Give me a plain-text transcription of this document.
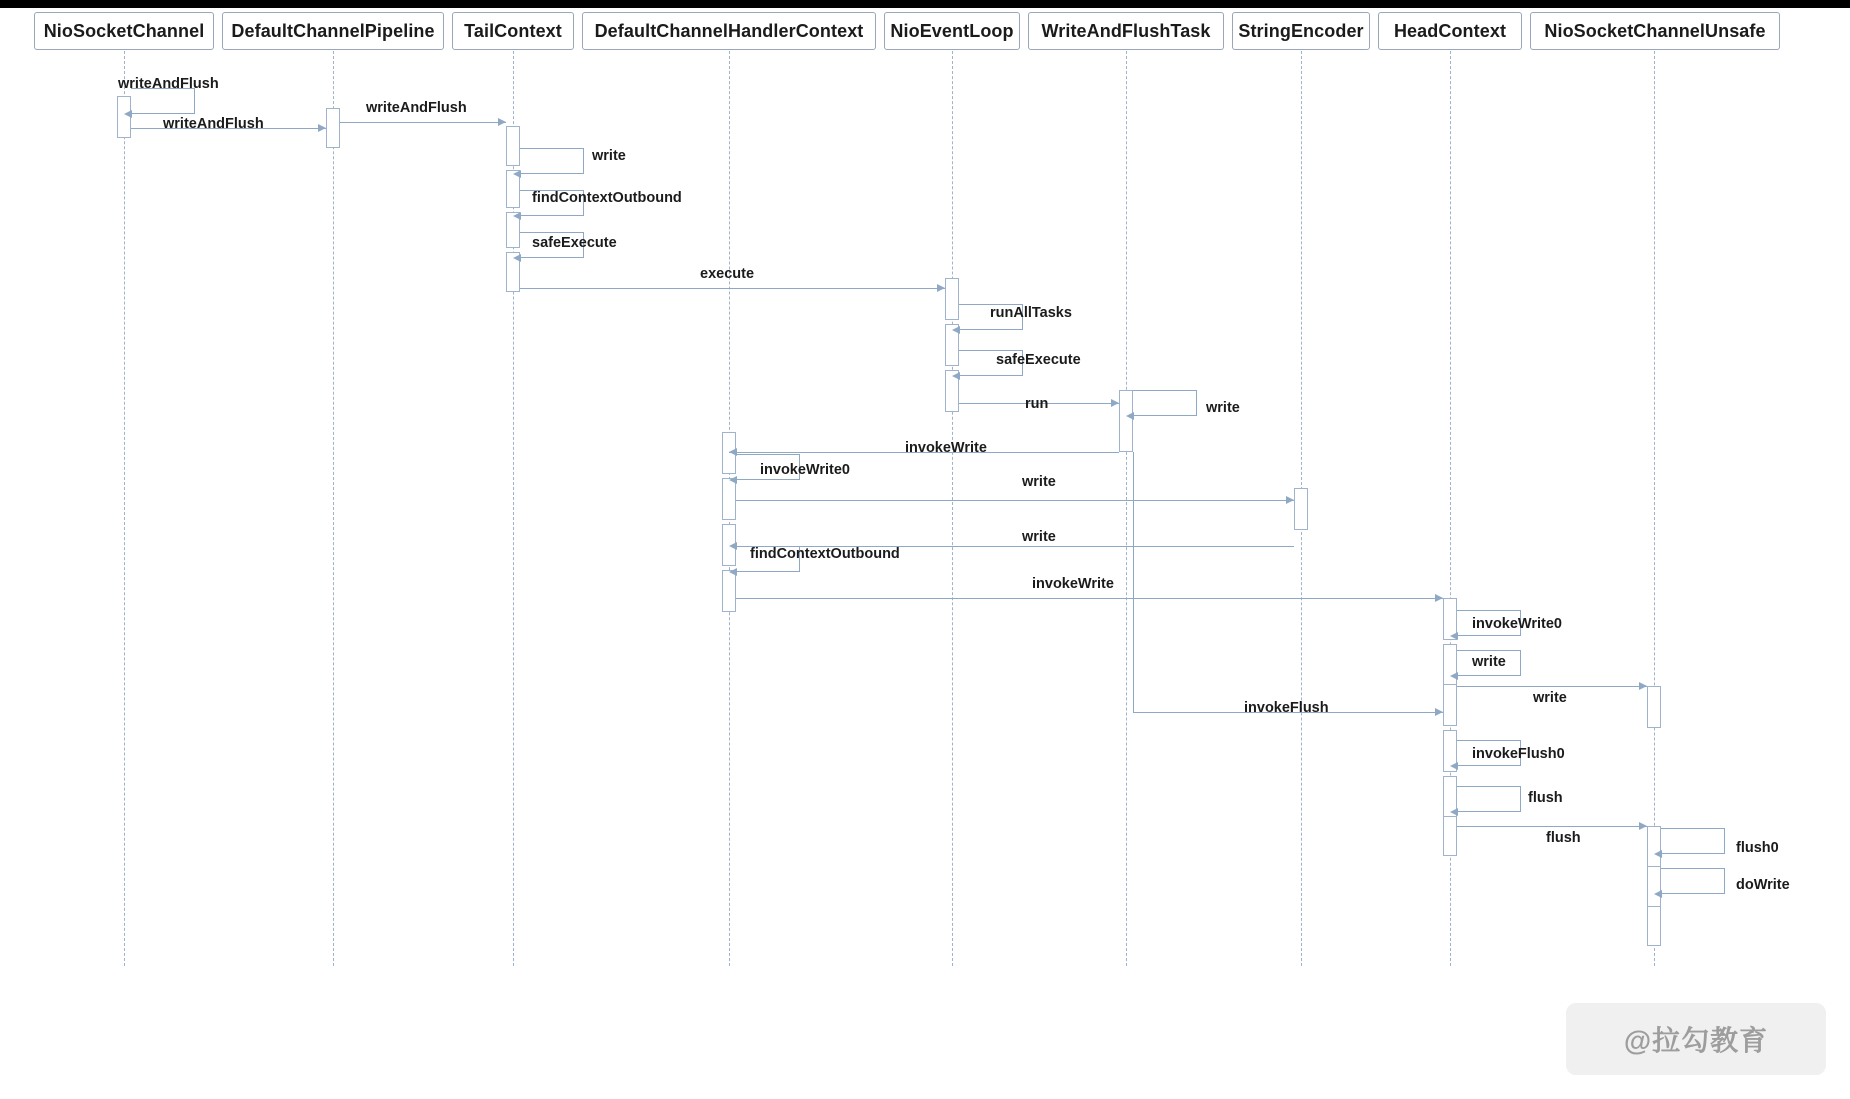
NioSocketChannel DefaultChannelPipeline TailContext DefaultChannelHandlerContext NioEventLoop WriteAndFlushTask StringEncoder HeadContext NioSocketChannelUnsafe
writeAndFlush
writeAndFlush
writeAndFlush
write
findContextOutbound
safeExecute
execute
runAllTasks
safeExecute
run	write
invokeWrite
invokeWrite0
write
write
findContextOutbound
invokeWrite
invokeWrite0
write
write
invokeFlush
invokeFlush0
flush
flush
flush0
doWrite
@拉勾教育
